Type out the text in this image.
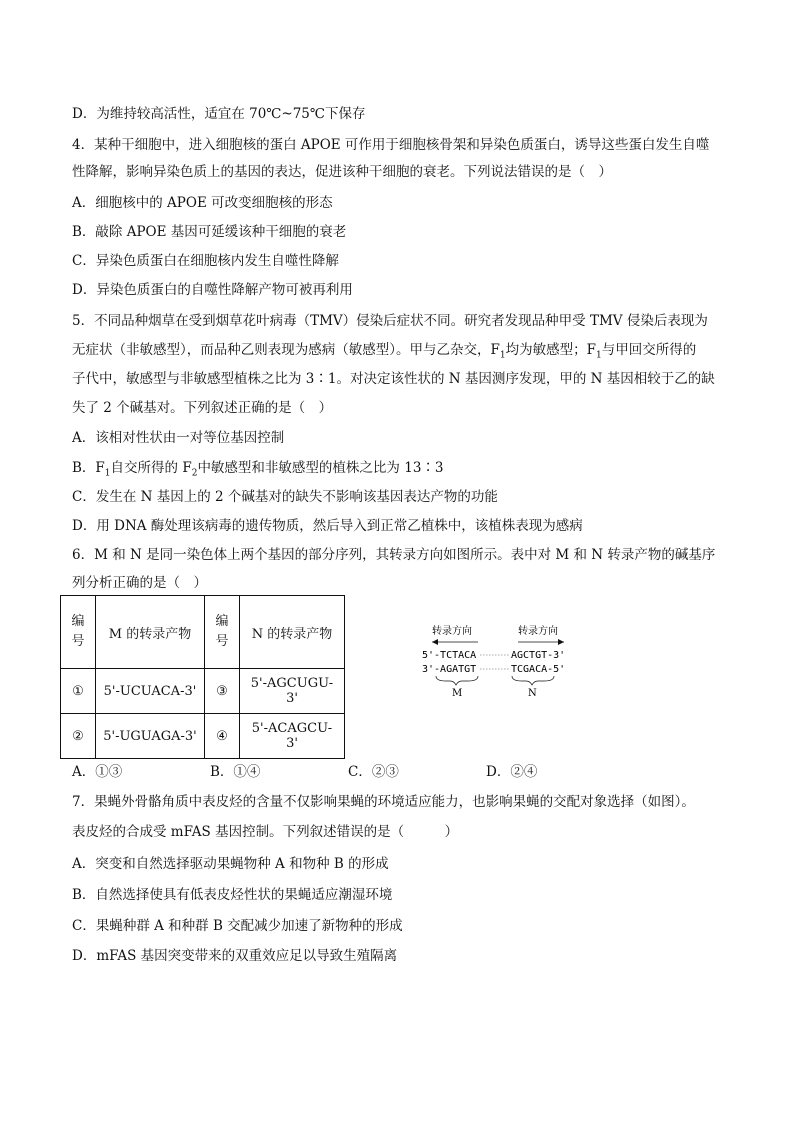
D．为维持较高活性，适宜在 70℃~75℃下保存
4．某种干细胞中，进入细胞核的蛋白 APOE 可作用于细胞核骨架和异染色质蛋白，诱导这些蛋白发生自噬
性降解，影响异染色质上的基因的表达，促进该种干细胞的衰老。下列说法错误的是（　）
A．细胞核中的 APOE 可改变细胞核的形态
B．敲除 APOE 基因可延缓该种干细胞的衰老
C．异染色质蛋白在细胞核内发生自噬性降解
D．异染色质蛋白的自噬性降解产物可被再利用
5．不同品种烟草在受到烟草花叶病毒（TMV）侵染后症状不同。研究者发现品种甲受 TMV 侵染后表现为
无症状（非敏感型），而品种乙则表现为感病（敏感型）。甲与乙杂交，$F_1$均为敏感型；$F_1$与甲回交所得的
子代中，敏感型与非敏感型植株之比为 3∶1。对决定该性状的 N 基因测序发现，甲的 N 基因相较于乙的缺
失了 2 个碱基对。下列叙述正确的是（　）
A．该相对性状由一对等位基因控制
B．$F_1$自交所得的 $F_2$中敏感型和非敏感型的植株之比为 13∶3
C．发生在 N 基因上的 2 个碱基对的缺失不影响该基因表达产物的功能
D．用 DNA 酶处理该病毒的遗传物质，然后导入到正常乙植株中，该植株表现为感病
6．M 和 N 是同一染色体上两个基因的部分序列，其转录方向如图所示。表中对 M 和 N 转录产物的碱基序
列分析正确的是（　）
编
号	M 的转录产物	编
号	N 的转录产物
①	5'-UCUACA-3'	③	5'-AGCUGU-3'
②	5'-UGUAGA-3'	④	5'-ACAGCU-3'
转录方向	转录方向
5'-TCTACA	AGCTGT-3'
3'-AGATGT	TCGACA-5'
M	N
A．①③	B．①④	C．②③	D．②④
7．果蝇外骨骼角质中表皮烃的含量不仅影响果蝇的环境适应能力，也影响果蝇的交配对象选择（如图）。
表皮烃的合成受 mFAS 基因控制。下列叙述错误的是（　　　）
A．突变和自然选择驱动果蝇物种 A 和物种 B 的形成
B．自然选择使具有低表皮烃性状的果蝇适应潮湿环境
C．果蝇种群 A 和种群 B 交配减少加速了新物种的形成
D．mFAS 基因突变带来的双重效应足以导致生殖隔离
